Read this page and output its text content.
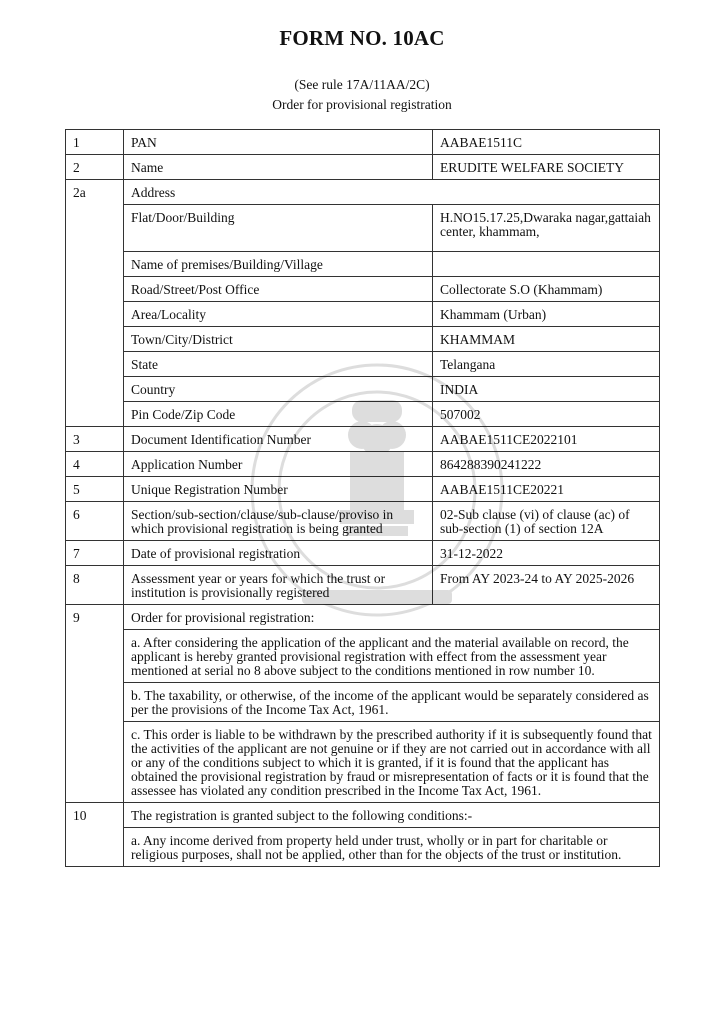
FORM NO. 10AC
(See rule 17A/11AA/2C)
Order for provisional registration
1	PAN	AABAE1511C
2	Name	ERUDITE WELFARE SOCIETY
2a	Address	
	Flat/Door/Building	H.NO15.17.25,Dwaraka nagar,gattaiah center, khammam,
	Name of premises/Building/Village	
	Road/Street/Post Office	Collectorate S.O (Khammam)
	Area/Locality	Khammam (Urban)
	Town/City/District	KHAMMAM
	State	Telangana
	Country	INDIA
	Pin Code/Zip Code	507002
3	Document Identification Number	AABAE1511CE2022101
4	Application Number	864288390241222
5	Unique Registration Number	AABAE1511CE20221
6	Section/sub-section/clause/sub-clause/proviso in which provisional registration is being granted	02-Sub clause (vi) of clause (ac) of sub-section (1) of section 12A
7	Date of provisional registration	31-12-2022
8	Assessment year or years for which the trust or institution is provisionally registered	From AY 2023-24 to AY 2025-2026
9	Order for provisional registration:	
	a. After considering the application of the applicant and the material available on record, the applicant is hereby granted provisional registration with effect from the assessment year mentioned at serial no 8 above subject to the conditions mentioned in row number 10.	
	b. The taxability, or otherwise, of the income of the applicant would be separately considered as per the provisions of the Income Tax Act, 1961.	
	c. This order is liable to be withdrawn by the prescribed authority if it is subsequently found that the activities of the applicant are not genuine or if they are not carried out in accordance with all or any of the conditions subject to which it is granted, if it is found that the applicant has obtained the provisional registration by fraud or misrepresentation of facts or it is found that the assessee has violated any condition prescribed in the Income Tax Act, 1961.	
10	The registration is granted subject to the following conditions:-	
	a. Any income derived from property held under trust, wholly or in part for charitable or religious purposes, shall not be applied, other than for the objects of the trust or institution.	
